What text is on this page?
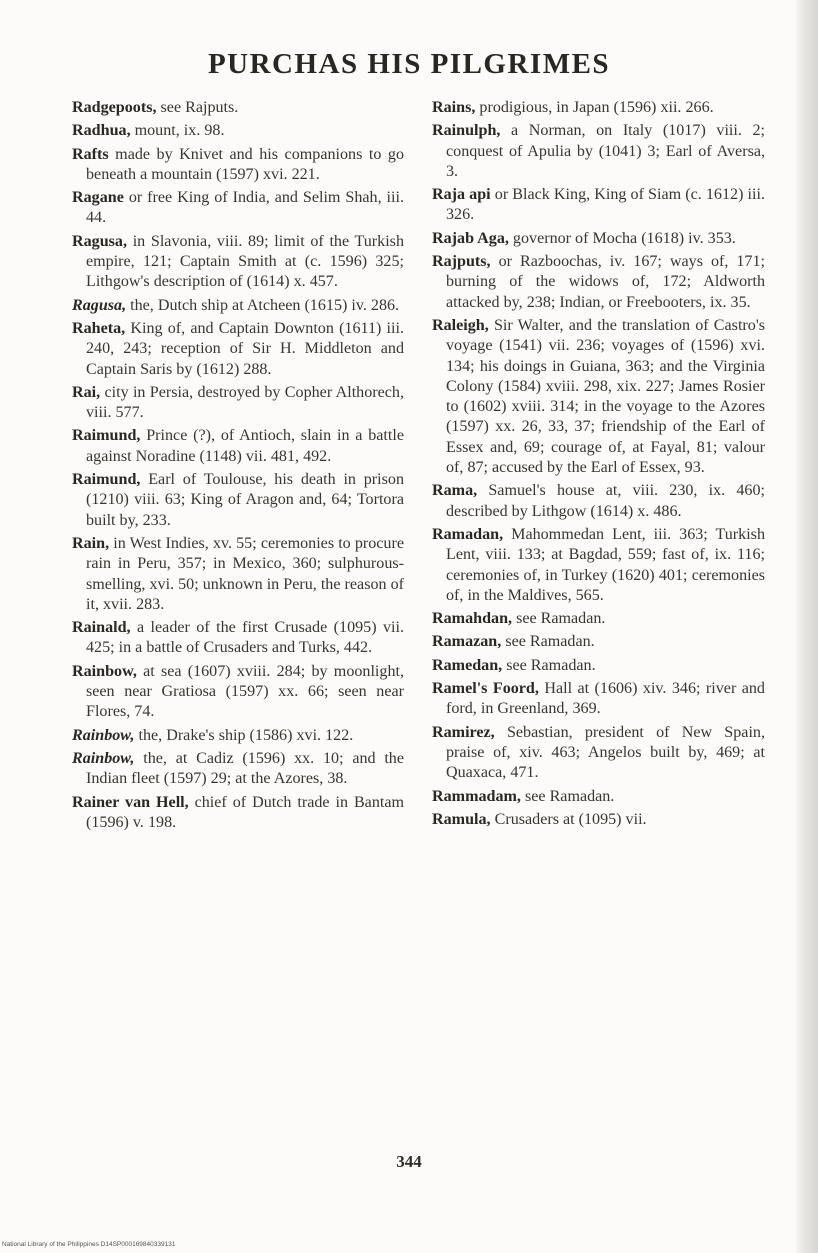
PURCHAS HIS PILGRIMES

Radgepoots, see Rajputs.

Radhua, mount, ix. 98.

Rafts made by Knivet and his companions to go beneath a mountain (1597) xvi. 221.

Ragane or free King of India, and Selim Shah, iii. 44.

Ragusa, in Slavonia, viii. 89; limit of the Turkish empire, 121; Captain Smith at (c. 1596) 325; Lithgow's description of (1614) x. 457.

Ragusa, the, Dutch ship at Atcheen (1615) iv. 286.

Raheta, King of, and Captain Downton (1611) iii. 240, 243; reception of Sir H. Middleton and Captain Saris by (1612) 288.

Rai, city in Persia, destroyed by Copher Althorech, viii. 577.

Raimund, Prince (?), of Antioch, slain in a battle against Noradine (1148) vii. 481, 492.

Raimund, Earl of Toulouse, his death in prison (1210) viii. 63; King of Aragon and, 64; Tortora built by, 233.

Rain, in West Indies, xv. 55; ceremonies to procure rain in Peru, 357; in Mexico, 360; sulphurous-smelling, xvi. 50; unknown in Peru, the reason of it, xvii. 283.

Rainald, a leader of the first Crusade (1095) vii. 425; in a battle of Crusaders and Turks, 442.

Rainbow, at sea (1607) xviii. 284; by moonlight, seen near Gratiosa (1597) xx. 66; seen near Flores, 74.

Rainbow, the, Drake's ship (1586) xvi. 122.

Rainbow, the, at Cadiz (1596) xx. 10; and the Indian fleet (1597) 29; at the Azores, 38.

Rainer van Hell, chief of Dutch trade in Bantam (1596) v. 198.

Rains, prodigious, in Japan (1596) xii. 266.

Rainulph, a Norman, on Italy (1017) viii. 2; conquest of Apulia by (1041) 3; Earl of Aversa, 3.

Raja api or Black King, King of Siam (c. 1612) iii. 326.

Rajab Aga, governor of Mocha (1618) iv. 353.

Rajputs, or Razboochas, iv. 167; ways of, 171; burning of the widows of, 172; Aldworth attacked by, 238; Indian, or Freebooters, ix. 35.

Raleigh, Sir Walter, and the translation of Castro's voyage (1541) vii. 236; voyages of (1596) xvi. 134; his doings in Guiana, 363; and the Virginia Colony (1584) xviii. 298, xix. 227; James Rosier to (1602) xviii. 314; in the voyage to the Azores (1597) xx. 26, 33, 37; friendship of the Earl of Essex and, 69; courage of, at Fayal, 81; valour of, 87; accused by the Earl of Essex, 93.

Rama, Samuel's house at, viii. 230, ix. 460; described by Lithgow (1614) x. 486.

Ramadan, Mahommedan Lent, iii. 363; Turkish Lent, viii. 133; at Bagdad, 559; fast of, ix. 116; ceremonies of, in Turkey (1620) 401; ceremonies of, in the Maldives, 565.

Ramahdan, see Ramadan.

Ramazan, see Ramadan.

Ramedan, see Ramadan.

Ramel's Foord, Hall at (1606) xiv. 346; river and ford, in Greenland, 369.

Ramirez, Sebastian, president of New Spain, praise of, xiv. 463; Angelos built by, 469; at Quaxaca, 471.

Rammadam, see Ramadan.

Ramula, Crusaders at (1095) vii.

344
National Library of the Philippines D14SP000169840339131
